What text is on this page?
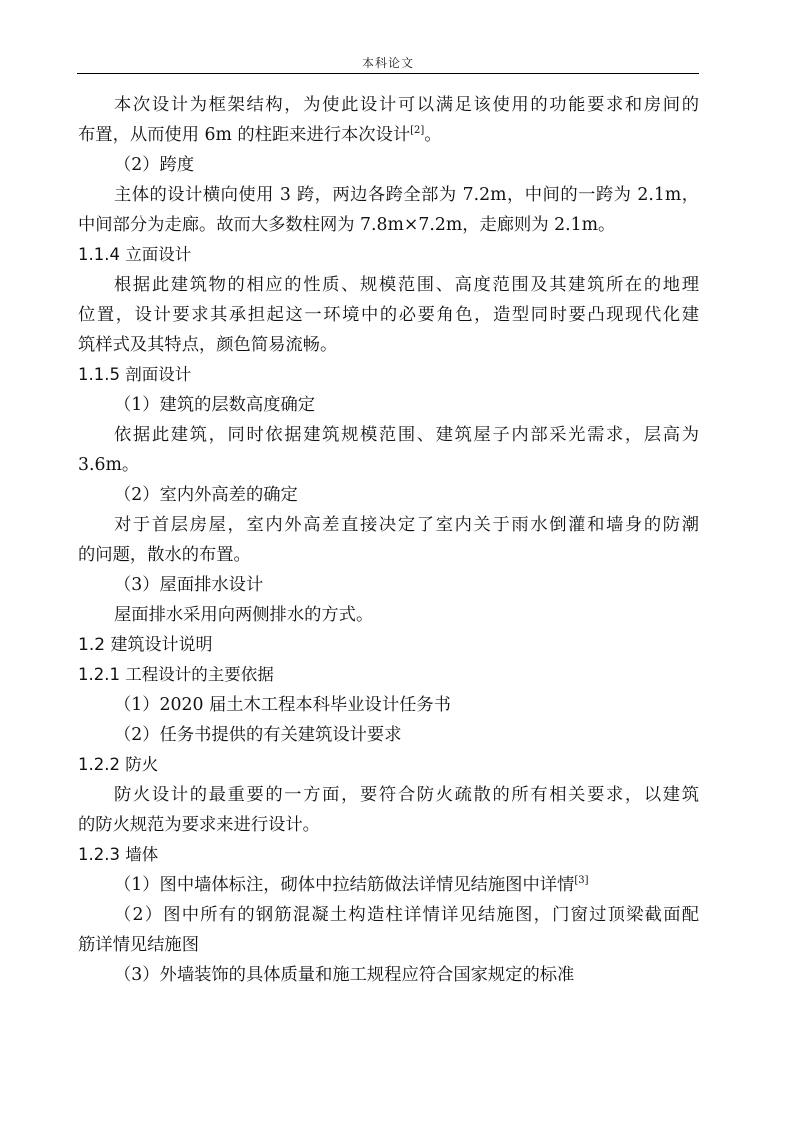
本科论文
本次设计为框架结构，为使此设计可以满足该使用的功能要求和房间的
布置，从而使用 6m 的柱距来进行本次设计[2]。
（2）跨度
主体的设计横向使用 3 跨，两边各跨全部为 7.2m，中间的一跨为 2.1m，
中间部分为走廊。故而大多数柱网为 7.8m×7.2m，走廊则为 2.1m。
1.1.4 立面设计
根据此建筑物的相应的性质、规模范围、高度范围及其建筑所在的地理
位置，设计要求其承担起这一环境中的必要角色，造型同时要凸现现代化建
筑样式及其特点，颜色简易流畅。
1.1.5 剖面设计
（1）建筑的层数高度确定
依据此建筑，同时依据建筑规模范围、建筑屋子内部采光需求，层高为
3.6m。
（2）室内外高差的确定
对于首层房屋，室内外高差直接决定了室内关于雨水倒灌和墙身的防潮
的问题，散水的布置。
（3）屋面排水设计
屋面排水采用向两侧排水的方式。
1.2 建筑设计说明
1.2.1 工程设计的主要依据
（1）2020 届土木工程本科毕业设计任务书
（2）任务书提供的有关建筑设计要求
1.2.2 防火
防火设计的最重要的一方面，要符合防火疏散的所有相关要求，以建筑
的防火规范为要求来进行设计。
1.2.3 墙体
（1）图中墙体标注，砌体中拉结筋做法详情见结施图中详情[3]
（2）图中所有的钢筋混凝土构造柱详情详见结施图，门窗过顶梁截面配
筋详情见结施图
（3）外墙装饰的具体质量和施工规程应符合国家规定的标准
